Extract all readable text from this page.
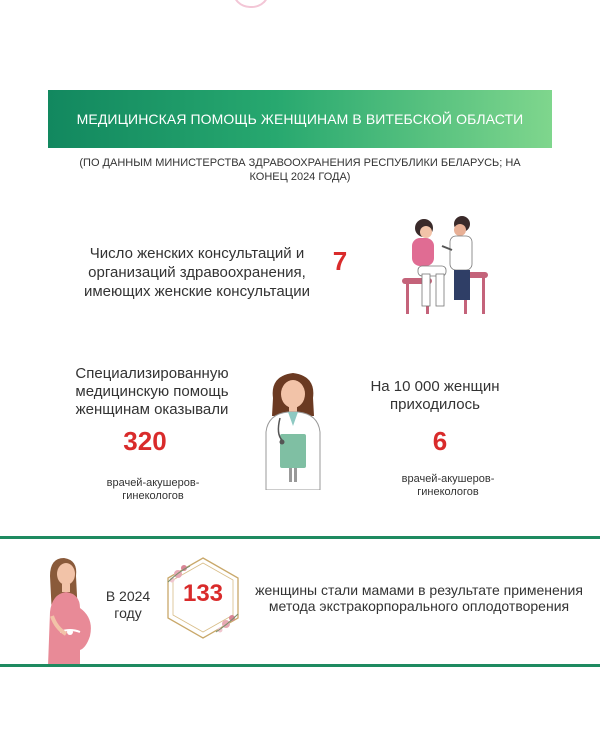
МЕДИЦИНСКАЯ ПОМОЩЬ ЖЕНЩИНАМ В ВИТЕБСКОЙ ОБЛАСТИ
(ПО ДАННЫМ МИНИСТЕРСТВА ЗДРАВООХРАНЕНИЯ РЕСПУБЛИКИ БЕЛАРУСЬ; НА КОНЕЦ 2024 ГОДА)
Число женских консультаций и организаций здравоохранения, имеющих женские консультации
7
Специализированную медицинскую помощь женщинам оказывали
320
врачей-акушеров-гинекологов
На 10 000 женщин приходилось
6
врачей-акушеров-гинекологов
В 2024 году
133	женщины стали мамами в результате применения метода экстракорпорального оплодотворения
